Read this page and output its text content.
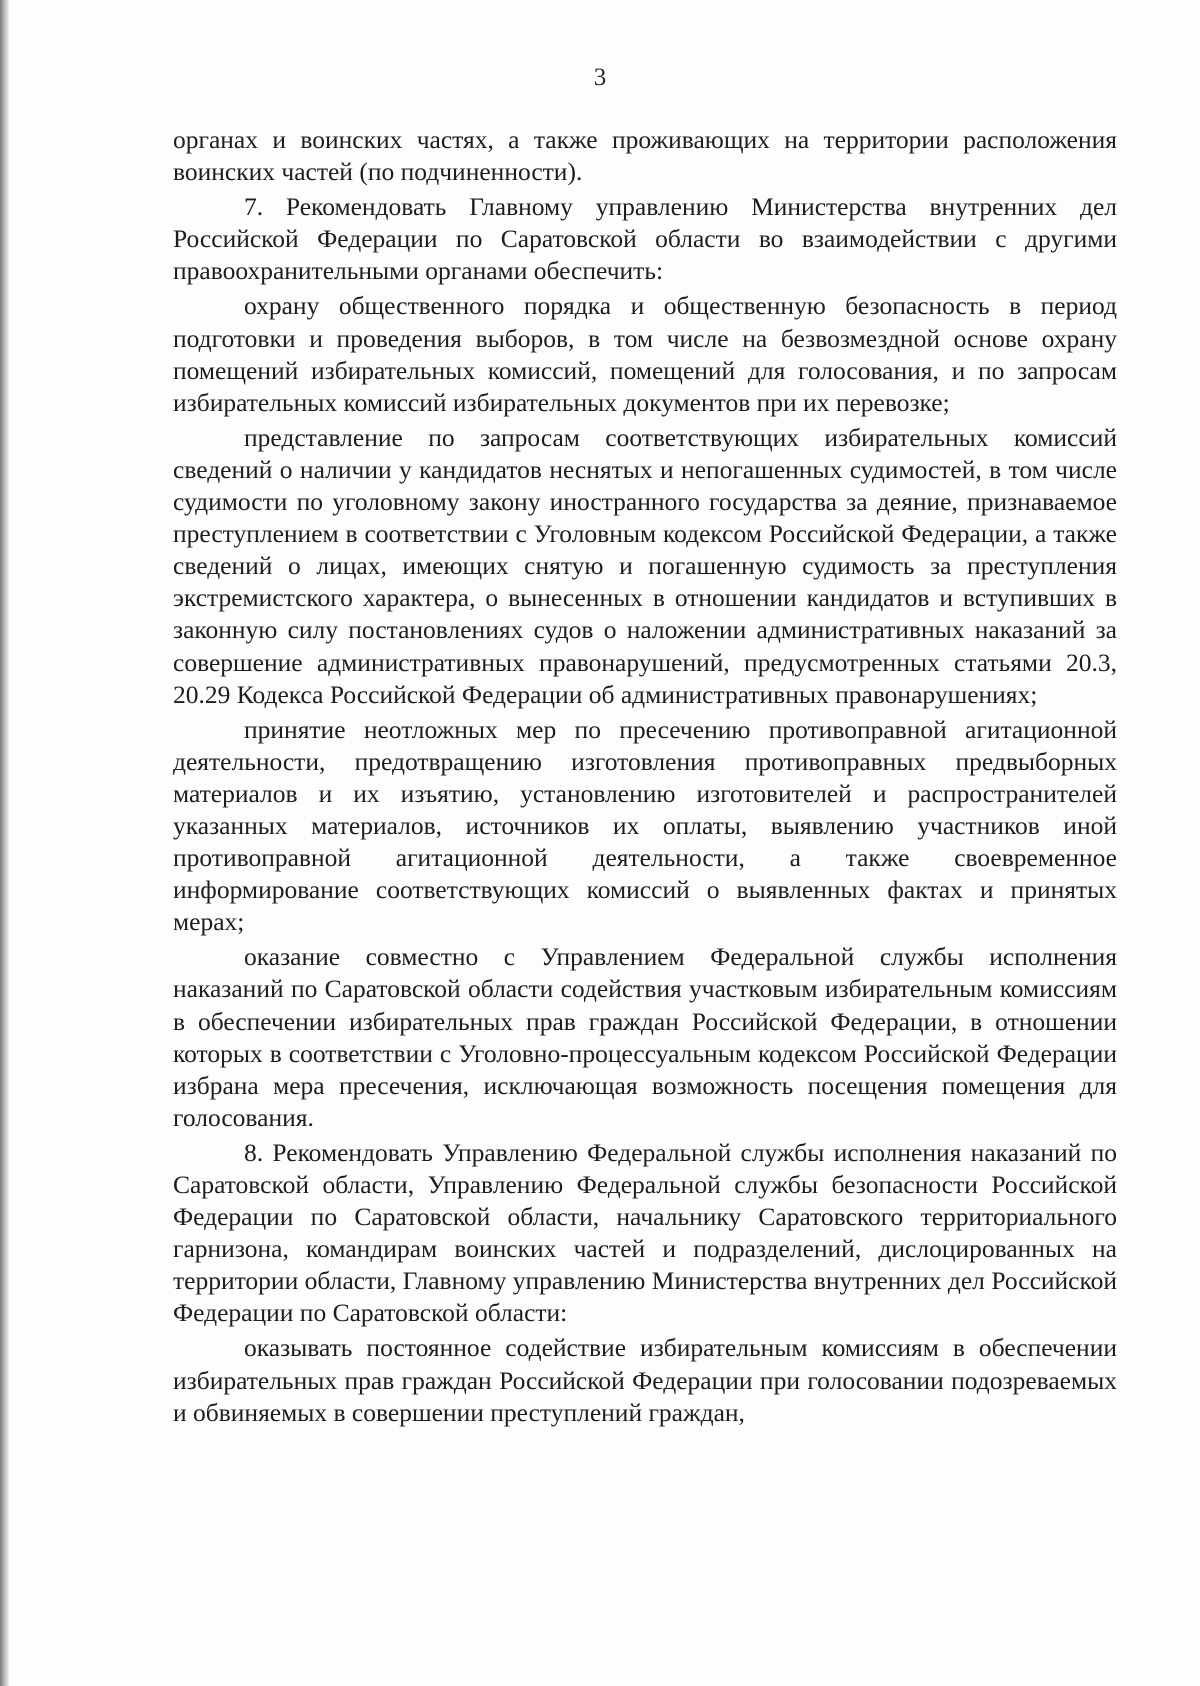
3

органах и воинских частях, а также проживающих на территории расположения воинских частей (по подчиненности).

7. Рекомендовать Главному управлению Министерства внутренних дел Российской Федерации по Саратовской области во взаимодействии с другими правоохранительными органами обеспечить:

охрану общественного порядка и общественную безопасность в период подготовки и проведения выборов, в том числе на безвозмездной основе охрану помещений избирательных комиссий, помещений для голосования, и по запросам избирательных комиссий избирательных документов при их перевозке;

представление по запросам соответствующих избирательных комиссий сведений о наличии у кандидатов неснятых и непогашенных судимостей, в том числе судимости по уголовному закону иностранного государства за деяние, признаваемое преступлением в соответствии с Уголовным кодексом Российской Федерации, а также сведений о лицах, имеющих снятую и погашенную судимость за преступления экстремистского характера, о вынесенных в отношении кандидатов и вступивших в законную силу постановлениях судов о наложении административных наказаний за совершение административных правонарушений, предусмотренных статьями 20.3, 20.29 Кодекса Российской Федерации об административных правонарушениях;

принятие неотложных мер по пресечению противоправной агитационной деятельности, предотвращению изготовления противоправных предвыборных материалов и их изъятию, установлению изготовителей и распространителей указанных материалов, источников их оплаты, выявлению участников иной противоправной агитационной деятельности, а также своевременное информирование соответствующих комиссий о выявленных фактах и принятых мерах;

оказание совместно с Управлением Федеральной службы исполнения наказаний по Саратовской области содействия участковым избирательным комиссиям в обеспечении избирательных прав граждан Российской Федерации, в отношении которых в соответствии с Уголовно-процессуальным кодексом Российской Федерации избрана мера пресечения, исключающая возможность посещения помещения для голосования.

8. Рекомендовать Управлению Федеральной службы исполнения наказаний по Саратовской области, Управлению Федеральной службы безопасности Российской Федерации по Саратовской области, начальнику Саратовского территориального гарнизона, командирам воинских частей и подразделений, дислоцированных на территории области, Главному управлению Министерства внутренних дел Российской Федерации по Саратовской области:

оказывать постоянное содействие избирательным комиссиям в обеспечении избирательных прав граждан Российской Федерации при голосовании подозреваемых и обвиняемых в совершении преступлений граждан,
